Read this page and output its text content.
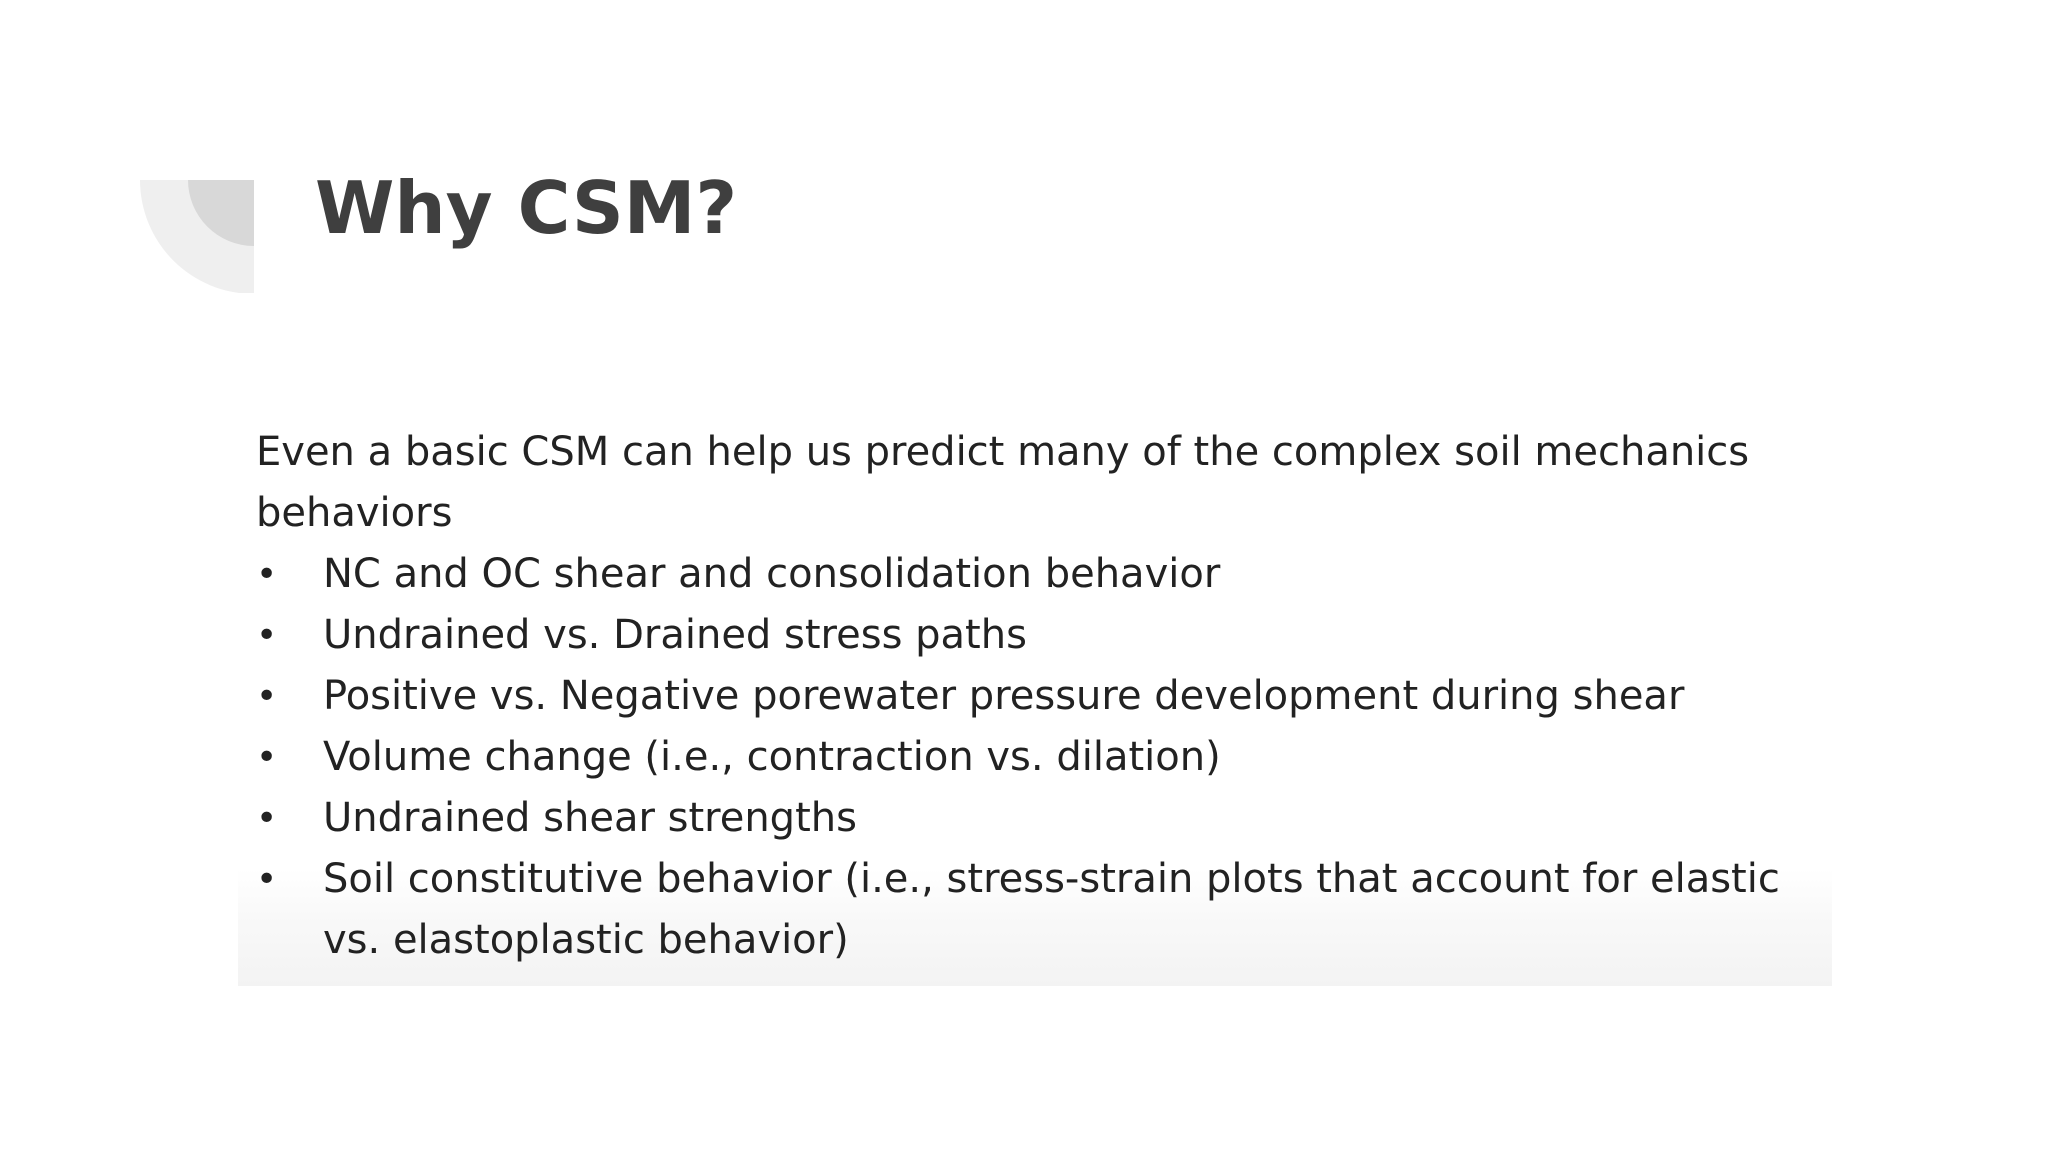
Why CSM?

Even a basic CSM can help us predict many of the complex soil mechanics behaviors

• NC and OC shear and consolidation behavior
• Undrained vs. Drained stress paths
• Positive vs. Negative porewater pressure development during shear
• Volume change (i.e., contraction vs. dilation)
• Undrained shear strengths
• Soil constitutive behavior (i.e., stress-strain plots that account for elastic vs. elastoplastic behavior)
